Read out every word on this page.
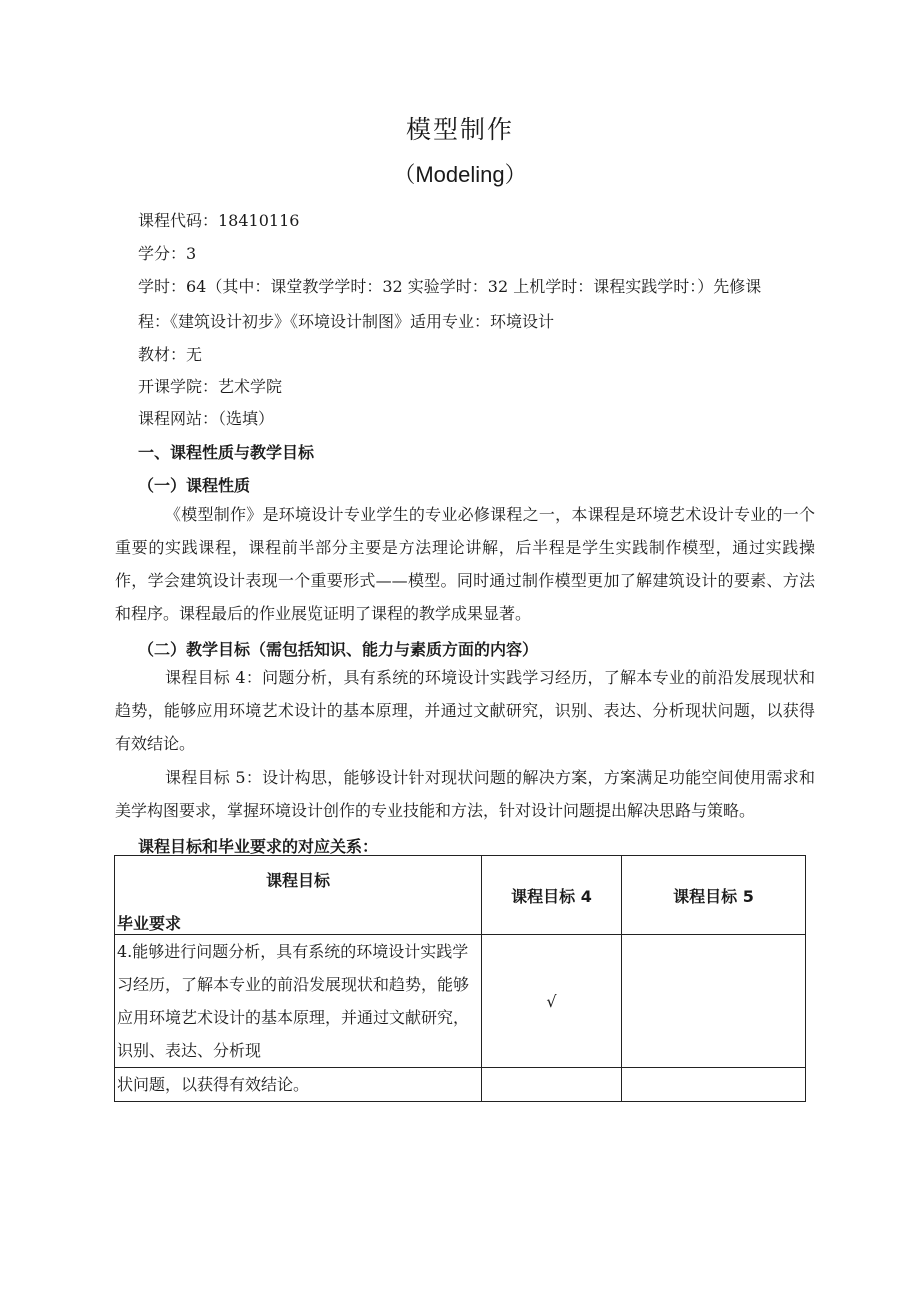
模型制作
（Modeling）
课程代码：18410116
学分：3
学时：64（其中：课堂教学学时：32 实验学时：32 上机学时：课程实践学时：）先修课
程：《建筑设计初步》《环境设计制图》适用专业：环境设计
教材：无
开课学院：艺术学院
课程网站：（选填）
一、课程性质与教学目标
（一）课程性质
《模型制作》是环境设计专业学生的专业必修课程之一，本课程是环境艺术设计专业的一个重要的实践课程，课程前半部分主要是方法理论讲解，后半程是学生实践制作模型，通过实践操作，学会建筑设计表现一个重要形式——模型。同时通过制作模型更加了解建筑设计的要素、方法和程序。课程最后的作业展览证明了课程的教学成果显著。
（二）教学目标（需包括知识、能力与素质方面的内容）
课程目标 4：问题分析，具有系统的环境设计实践学习经历，了解本专业的前沿发展现状和趋势，能够应用环境艺术设计的基本原理，并通过文献研究，识别、表达、分析现状问题，以获得有效结论。
课程目标 5：设计构思，能够设计针对现状问题的解决方案，方案满足功能空间使用需求和美学构图要求，掌握环境设计创作的专业技能和方法，针对设计问题提出解决思路与策略。
课程目标和毕业要求的对应关系：
课程目标
毕业要求	课程目标 4	课程目标 5
4.能够进行问题分析，具有系统的环境设计实践学习经历，了解本专业的前沿发展现状和趋势，能够应用环境艺术设计的基本原理，并通过文献研究，识别、表达、分析现	√	
状问题，以获得有效结论。		
